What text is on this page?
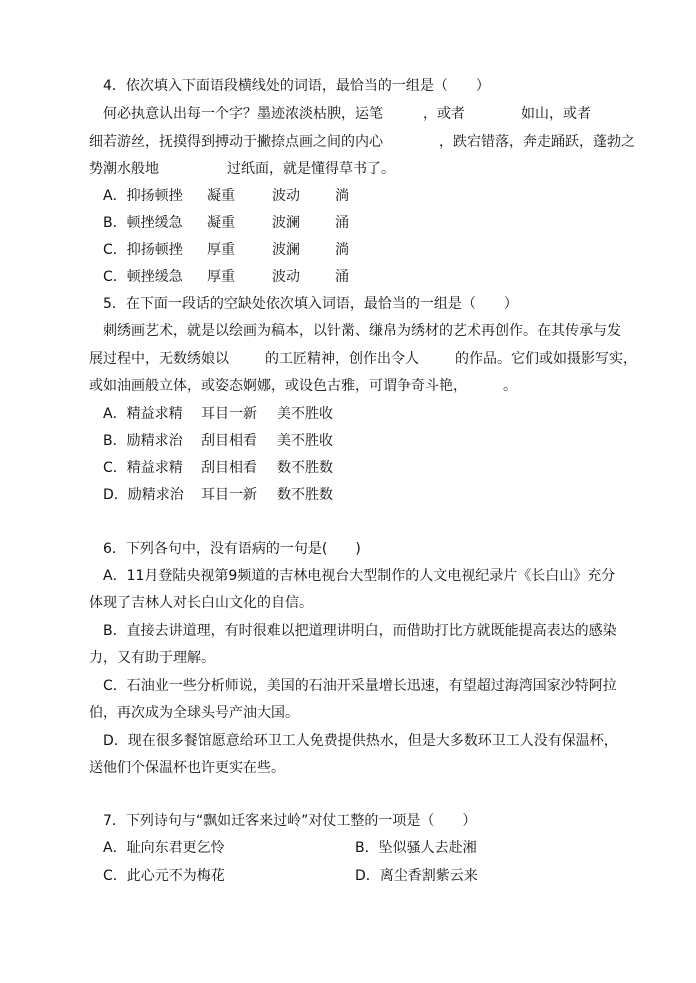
4．依次填入下面语段横线处的词语，最恰当的一组是（　　）
何必执意认出每一个字？墨迹浓淡枯腴，运笔	，或者	如山，或者
细若游丝，抚摸得到搏动于撇捺点画之间的内心	，跌宕错落，奔走踊跃，蓬勃之
势潮水般地	过纸面，就是懂得草书了。
A．抑扬顿挫 凝重	波动	淌
B．顿挫缓急 凝重	波澜	涌
C．抑扬顿挫 厚重	波澜	淌
C．顿挫缓急 厚重	波动	涌
5．在下面一段话的空缺处依次填入词语，最恰当的一组是（　　）
刺绣画艺术，就是以绘画为稿本，以针黹、缣帛为绣材的艺术再创作。在其传承与发
展过程中，无数绣娘以	的工匠精神，创作出令人	的作品。它们或如摄影写实，
或如油画般立体，或姿态婀娜，或设色古雅，可谓争奇斗艳，	。
A．精益求精 耳目一新 美不胜收
B．励精求治 刮目相看 美不胜收
C．精益求精 刮目相看 数不胜数
D．励精求治 耳目一新 数不胜数
6．下列各句中，没有语病的一句是(　　)
A．11月登陆央视第9频道的吉林电视台大型制作的人文电视纪录片《长白山》充分
体现了吉林人对长白山文化的自信。
B．直接去讲道理，有时很难以把道理讲明白，而借助打比方就既能提高表达的感染
力，又有助于理解。
C．石油业一些分析师说，美国的石油开采量增长迅速，有望超过海湾国家沙特阿拉
伯，再次成为全球头号产油大国。
D．现在很多餐馆愿意给环卫工人免费提供热水，但是大多数环卫工人没有保温杯，
送他们个保温杯也许更实在些。
7．下列诗句与“飘如迁客来过岭”对仗工整的一项是（　　）
A．耻向东君更乞怜	B．坠似骚人去赴湘
C．此心元不为梅花	D．离尘香割紫云来
